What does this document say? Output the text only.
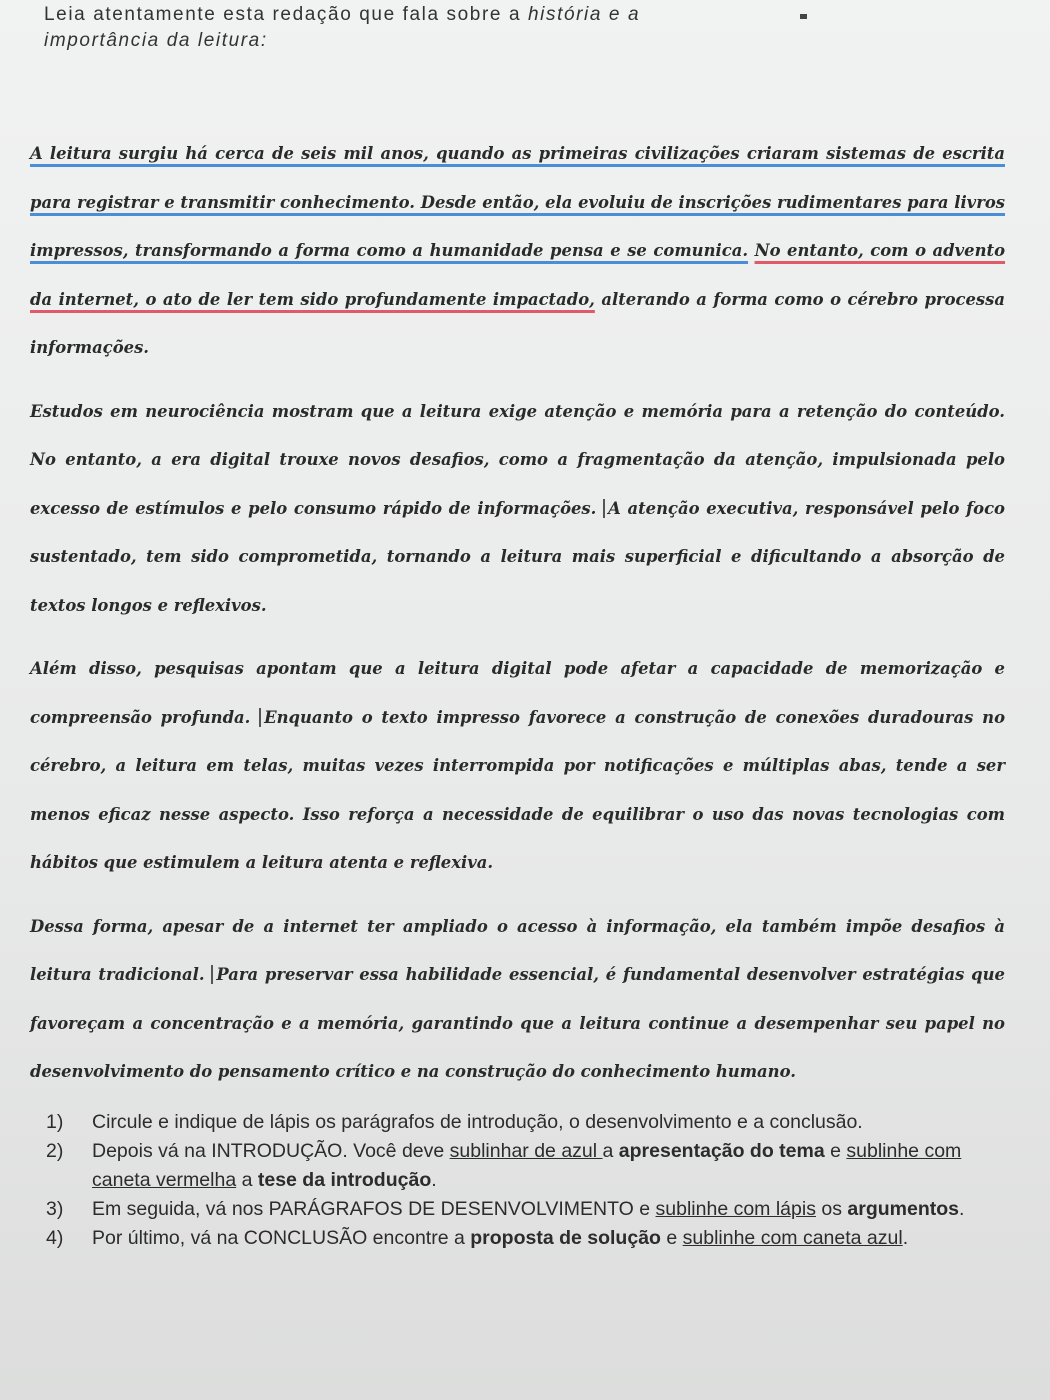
Leia atentamente esta redação que fala sobre a história e a
importância da leitura:

A leitura surgiu há cerca de seis mil anos, quando as primeiras civilizações criaram sistemas de escrita para registrar e transmitir conhecimento. Desde então, ela evoluiu de inscrições rudimentares para livros impressos, transformando a forma como a humanidade pensa e se comunica. No entanto, com o advento da internet, o ato de ler tem sido profundamente impactado, alterando a forma como o cérebro processa informações.

Estudos em neurociência mostram que a leitura exige atenção e memória para a retenção do conteúdo. No entanto, a era digital trouxe novos desafios, como a fragmentação da atenção, impulsionada pelo excesso de estímulos e pelo consumo rápido de informações. A atenção executiva, responsável pelo foco sustentado, tem sido comprometida, tornando a leitura mais superficial e dificultando a absorção de textos longos e reflexivos.

Além disso, pesquisas apontam que a leitura digital pode afetar a capacidade de memorização e compreensão profunda. Enquanto o texto impresso favorece a construção de conexões duradouras no cérebro, a leitura em telas, muitas vezes interrompida por notificações e múltiplas abas, tende a ser menos eficaz nesse aspecto. Isso reforça a necessidade de equilibrar o uso das novas tecnologias com hábitos que estimulem a leitura atenta e reflexiva.

Dessa forma, apesar de a internet ter ampliado o acesso à informação, ela também impõe desafios à leitura tradicional. Para preservar essa habilidade essencial, é fundamental desenvolver estratégias que favoreçam a concentração e a memória, garantindo que a leitura continue a desempenhar seu papel no desenvolvimento do pensamento crítico e na construção do conhecimento humano.

1)	Circule e indique de lápis os parágrafos de introdução, o desenvolvimento e a conclusão.
2)	Depois vá na INTRODUÇÃO. Você deve sublinhar de azul a apresentação do tema e sublinhe com caneta vermelha a tese da introdução.
3)	Em seguida, vá nos PARÁGRAFOS DE DESENVOLVIMENTO e sublinhe com lápis os argumentos.
4)	Por último, vá na CONCLUSÃO encontre a proposta de solução e sublinhe com caneta azul.
